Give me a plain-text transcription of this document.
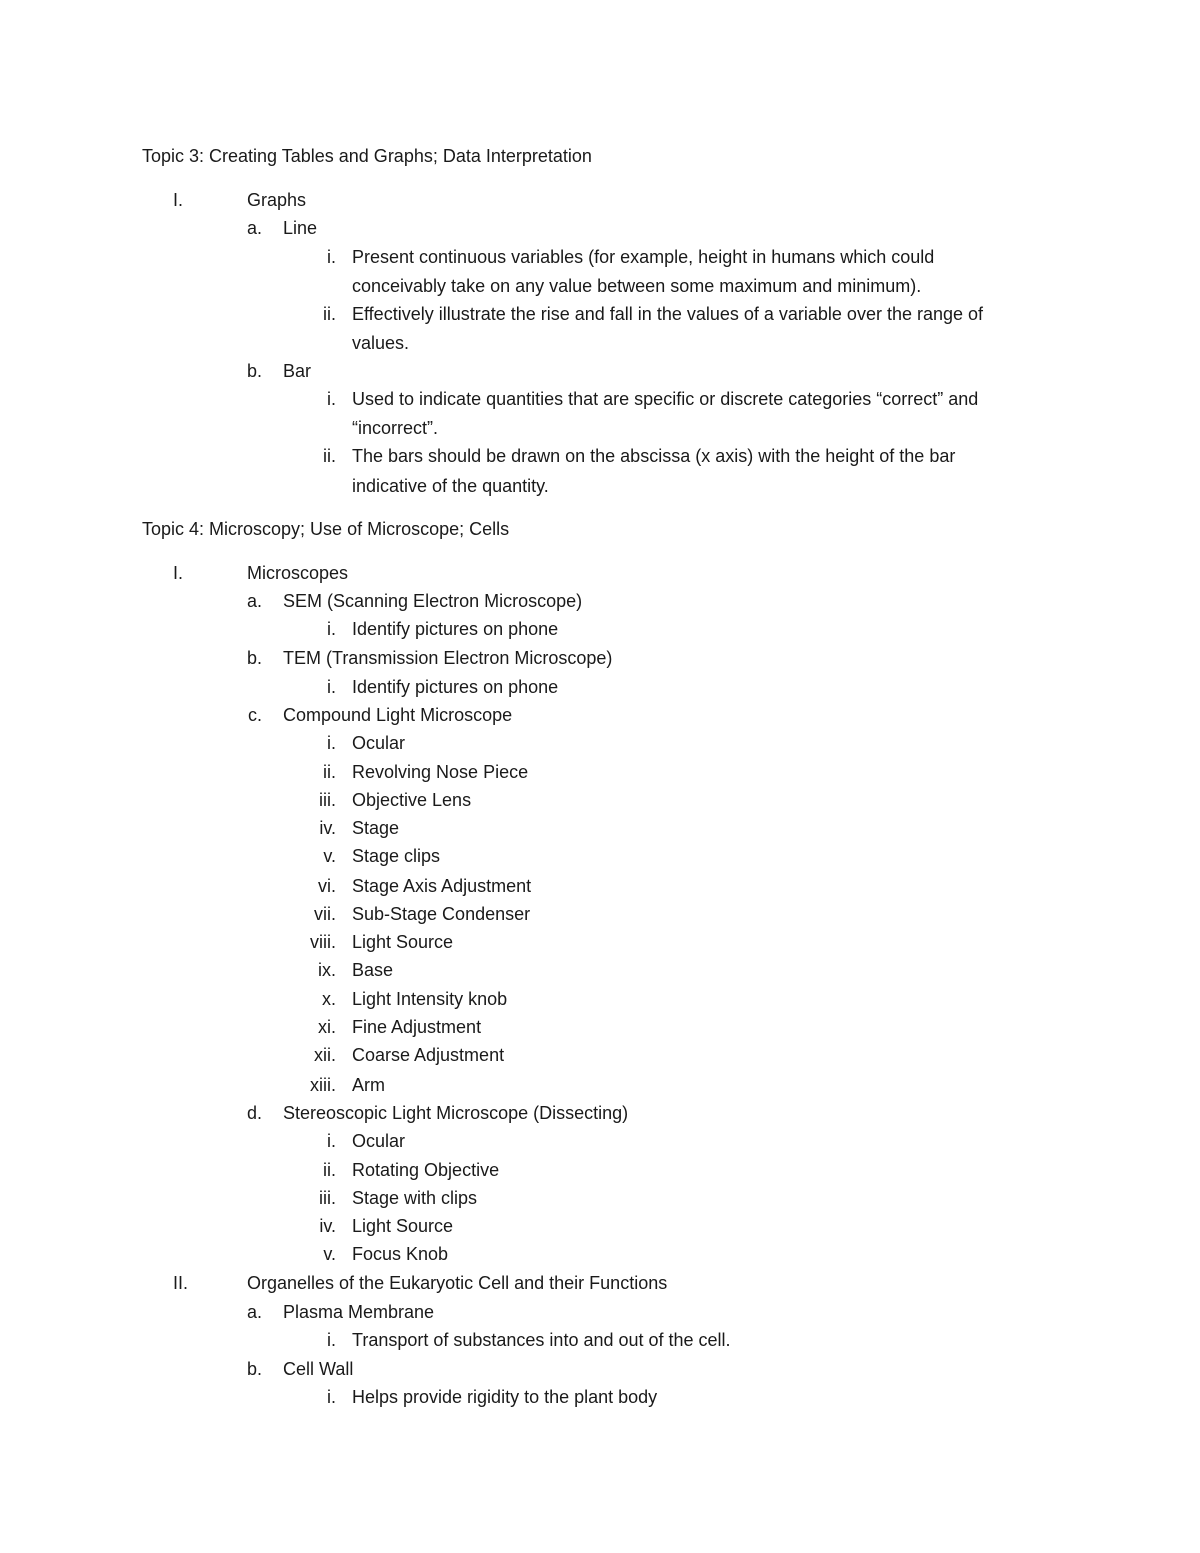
Topic 3: Creating Tables and Graphs; Data Interpretation
I.	Graphs
a. Line
i. Present continuous variables (for example, height in humans which could
conceivably take on any value between some maximum and minimum).
ii. Effectively illustrate the rise and fall in the values of a variable over the range of
values.
b. Bar
i. Used to indicate quantities that are specific or discrete categories “correct” and
“incorrect”.
ii. The bars should be drawn on the abscissa (x axis) with the height of the bar
indicative of the quantity.
Topic 4: Microscopy; Use of Microscope; Cells
I.	Microscopes
a. SEM (Scanning Electron Microscope)
i. Identify pictures on phone
b. TEM (Transmission Electron Microscope)
i. Identify pictures on phone
c. Compound Light Microscope
i. Ocular
ii. Revolving Nose Piece
iii. Objective Lens
iv. Stage
v. Stage clips
vi. Stage Axis Adjustment
vii. Sub-Stage Condenser
viii. Light Source
ix. Base
x. Light Intensity knob
xi. Fine Adjustment
xii. Coarse Adjustment
xiii. Arm
d. Stereoscopic Light Microscope (Dissecting)
i. Ocular
ii. Rotating Objective
iii. Stage with clips
iv. Light Source
v. Focus Knob
II.	Organelles of the Eukaryotic Cell and their Functions
a. Plasma Membrane
i. Transport of substances into and out of the cell.
b. Cell Wall
i. Helps provide rigidity to the plant body
